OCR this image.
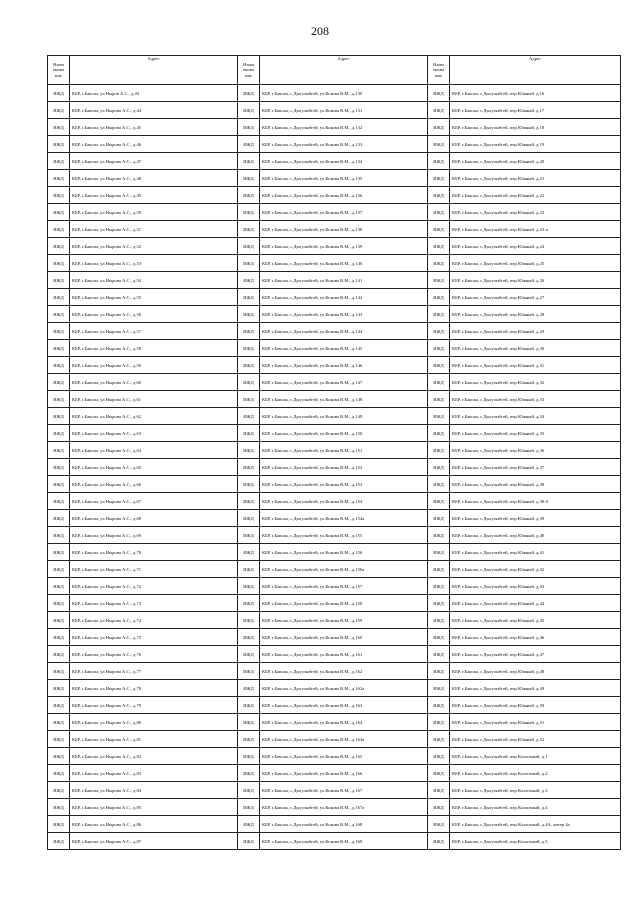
208
Наим енова ние	Адрес	Наим енова ние	Адрес	Наим енова ние	Адрес
ИЖД	КБР, г.Баксан, ул.Ныров А.С., д.43	ИЖД	КБР, г.Баксан, с.Дыгулыбгей, ул.Кокова В.М., д.130	ИЖД	КБР, г.Баксан, с.Дыгулыбгей, пер.Южный, д.16
ИЖД	КБР, г.Баксан, ул.Нырова А.С., д.44	ИЖД	КБР, г.Баксан, с.Дыгулыбгей, ул.Кокова В.М., д.131	ИЖД	КБР, г.Баксан, с.Дыгулыбгей, пер.Южный, д.17
ИЖД	КБР, г.Баксан, ул.Нырова А.С., д.45	ИЖД	КБР, г.Баксан, с.Дыгулыбгей, ул.Кокова В.М., д.132	ИЖД	КБР, г.Баксан, с.Дыгулыбгей, пер.Южный, д.18
ИЖД	КБР, г.Баксан, ул.Нырова А.С., д.46	ИЖД	КБР, г.Баксан, с.Дыгулыбгей, ул.Кокова В.М., д.133	ИЖД	КБР, г.Баксан, с.Дыгулыбгей, пер.Южный, д.19
ИЖД	КБР, г.Баксан, ул.Нырова А.С., д.47	ИЖД	КБР, г.Баксан, с.Дыгулыбгей, ул.Кокова В.М., д.134	ИЖД	КБР, г.Баксан, с.Дыгулыбгей, пер.Южный, д.20
ИЖД	КБР, г.Баксан, ул.Нырова А.С., д.48	ИЖД	КБР, г.Баксан, с.Дыгулыбгей, ул.Кокова В.М., д.135	ИЖД	КБР, г.Баксан, с.Дыгулыбгей, пер.Южный, д.21
ИЖД	КБР, г.Баксан, ул.Нырова А.С., д.49	ИЖД	КБР, г.Баксан, с.Дыгулыбгей, ул.Кокова В.М., д.136	ИЖД	КБР, г.Баксан, с.Дыгулыбгей, пер.Южный, д.22
ИЖД	КБР, г.Баксан, ул.Нырова А.С., д.50	ИЖД	КБР, г.Баксан, с.Дыгулыбгей, ул.Кокова В.М., д.137	ИЖД	КБР, г.Баксан, с.Дыгулыбгей, пер.Южный, д.23
ИЖД	КБР, г.Баксан, ул.Нырова А.С., д.51	ИЖД	КБР, г.Баксан, с.Дыгулыбгей, ул.Кокова В.М., д.138	ИЖД	КБР, г.Баксан, с.Дыгулыбгей, пер.Южный, д.23-а
ИЖД	КБР, г.Баксан, ул.Нырова А.С., д.52	ИЖД	КБР, г.Баксан, с.Дыгулыбгей, ул.Кокова В.М., д.139	ИЖД	КБР, г.Баксан, с.Дыгулыбгей, пер.Южный, д.24
ИЖД	КБР, г.Баксан, ул.Нырова А.С., д.53	ИЖД	КБР, г.Баксан, с.Дыгулыбгей, ул.Кокова В.М., д.140	ИЖД	КБР, г.Баксан, с.Дыгулыбгей, пер.Южный, д.25
ИЖД	КБР, г.Баксан, ул.Нырова А.С., д.54	ИЖД	КБР, г.Баксан, с.Дыгулыбгей, ул.Кокова В.М., д.141	ИЖД	КБР, г.Баксан, с.Дыгулыбгей, пер.Южный, д.26
ИЖД	КБР, г.Баксан, ул.Нырова А.С., д.55	ИЖД	КБР, г.Баксан, с.Дыгулыбгей, ул.Кокова В.М., д.142	ИЖД	КБР, г.Баксан, с.Дыгулыбгей, пер.Южный, д.27
ИЖД	КБР, г.Баксан, ул.Нырова А.С., д.56	ИЖД	КБР, г.Баксан, с.Дыгулыбгей, ул.Кокова В.М., д.143	ИЖД	КБР, г.Баксан, с.Дыгулыбгей, пер.Южный, д.28
ИЖД	КБР, г.Баксан, ул.Нырова А.С., д.57	ИЖД	КБР, г.Баксан, с.Дыгулыбгей, ул.Кокова В.М., д.144	ИЖД	КБР, г.Баксан, с.Дыгулыбгей, пер.Южный, д.29
ИЖД	КБР, г.Баксан, ул.Нырова А.С., д.58	ИЖД	КБР, г.Баксан, с.Дыгулыбгей, ул.Кокова В.М., д.145	ИЖД	КБР, г.Баксан, с.Дыгулыбгей, пер.Южный, д.30
ИЖД	КБР, г.Баксан, ул.Нырова А.С., д.59	ИЖД	КБР, г.Баксан, с.Дыгулыбгей, ул.Кокова В.М., д.146	ИЖД	КБР, г.Баксан, с.Дыгулыбгей, пер.Южный, д.31
ИЖД	КБР, г.Баксан, ул.Нырова А.С., д.60	ИЖД	КБР, г.Баксан, с.Дыгулыбгей, ул.Кокова В.М., д.147	ИЖД	КБР, г.Баксан, с.Дыгулыбгей, пер.Южный, д.32
ИЖД	КБР, г.Баксан, ул.Нырова А.С., д.61	ИЖД	КБР, г.Баксан, с.Дыгулыбгей, ул.Кокова В.М., д.148	ИЖД	КБР, г.Баксан, с.Дыгулыбгей, пер.Южный, д.33
ИЖД	КБР, г.Баксан, ул.Нырова А.С., д.62	ИЖД	КБР, г.Баксан, с.Дыгулыбгей, ул.Кокова В.М., д.149	ИЖД	КБР, г.Баксан, с.Дыгулыбгей, пер.Южный, д.34
ИЖД	КБР, г.Баксан, ул.Нырова А.С., д.63	ИЖД	КБР, г.Баксан, с.Дыгулыбгей, ул.Кокова В.М., д.150	ИЖД	КБР, г.Баксан, с.Дыгулыбгей, пер.Южный, д.35
ИЖД	КБР, г.Баксан, ул.Нырова А.С., д.64	ИЖД	КБР, г.Баксан, с.Дыгулыбгей, ул.Кокова В.М., д.151	ИЖД	КБР, г.Баксан, с.Дыгулыбгей, пер.Южный, д.36
ИЖД	КБР, г.Баксан, ул.Нырова А.С., д.65	ИЖД	КБР, г.Баксан, с.Дыгулыбгей, ул.Кокова В.М., д.152	ИЖД	КБР, г.Баксан, с.Дыгулыбгей, пер.Южный, д.37
ИЖД	КБР, г.Баксан, ул.Нырова А.С., д.66	ИЖД	КБР, г.Баксан, с.Дыгулыбгей, ул.Кокова В.М., д.153	ИЖД	КБР, г.Баксан, с.Дыгулыбгей, пер.Южный, д.38
ИЖД	КБР, г.Баксан, ул.Нырова А.С., д.67	ИЖД	КБР, г.Баксан, с.Дыгулыбгей, ул.Кокова В.М., д.154	ИЖД	КБР, г.Баксан, с.Дыгулыбгей, пер.Южный, д.38-б
ИЖД	КБР, г.Баксан, ул.Нырова А.С., д.68	ИЖД	КБР, г.Баксан, с.Дыгулыбгей, ул.Кокова В.М., д.154а	ИЖД	КБР, г.Баксан, с.Дыгулыбгей, пер.Южный, д.39
ИЖД	КБР, г.Баксан, ул.Нырова А.С., д.69	ИЖД	КБР, г.Баксан, с.Дыгулыбгей, ул.Кокова В.М., д.155	ИЖД	КБР, г.Баксан, с.Дыгулыбгей, пер.Южный, д.40
ИЖД	КБР, г.Баксан, ул.Нырова А.С., д.70	ИЖД	КБР, г.Баксан, с.Дыгулыбгей, ул.Кокова В.М., д.156	ИЖД	КБР, г.Баксан, с.Дыгулыбгей, пер.Южный, д.41
ИЖД	КБР, г.Баксан, ул.Нырова А.С., д.71	ИЖД	КБР, г.Баксан, с.Дыгулыбгей, ул.Кокова В.М., д.156а	ИЖД	КБР, г.Баксан, с.Дыгулыбгей, пер.Южный, д.42
ИЖД	КБР, г.Баксан, ул.Нырова А.С., д.72	ИЖД	КБР, г.Баксан, с.Дыгулыбгей, ул.Кокова В.М., д.157	ИЖД	КБР, г.Баксан, с.Дыгулыбгей, пер.Южный, д.43
ИЖД	КБР, г.Баксан, ул.Нырова А.С., д.73	ИЖД	КБР, г.Баксан, с.Дыгулыбгей, ул.Кокова В.М., д.158	ИЖД	КБР, г.Баксан, с.Дыгулыбгей, пер.Южный, д.44
ИЖД	КБР, г.Баксан, ул.Нырова А.С., д.74	ИЖД	КБР, г.Баксан, с.Дыгулыбгей, ул.Кокова В.М., д.159	ИЖД	КБР, г.Баксан, с.Дыгулыбгей, пер.Южный, д.45
ИЖД	КБР, г.Баксан, ул.Нырова А.С., д.75	ИЖД	КБР, г.Баксан, с.Дыгулыбгей, ул.Кокова В.М., д.160	ИЖД	КБР, г.Баксан, с.Дыгулыбгей, пер.Южный, д.46
ИЖД	КБР, г.Баксан, ул.Нырова А.С., д.76	ИЖД	КБР, г.Баксан, с.Дыгулыбгей, ул.Кокова В.М., д.161	ИЖД	КБР, г.Баксан, с.Дыгулыбгей, пер.Южный, д.47
ИЖД	КБР, г.Баксан, ул.Нырова А.С., д.77	ИЖД	КБР, г.Баксан, с.Дыгулыбгей, ул.Кокова В.М., д.162	ИЖД	КБР, г.Баксан, с.Дыгулыбгей, пер.Южный, д.48
ИЖД	КБР, г.Баксан, ул.Нырова А.С., д.78	ИЖД	КБР, г.Баксан, с.Дыгулыбгей, ул.Кокова В.М., д.162а	ИЖД	КБР, г.Баксан, с.Дыгулыбгей, пер.Южный, д.49
ИЖД	КБР, г.Баксан, ул.Нырова А.С., д.79	ИЖД	КБР, г.Баксан, с.Дыгулыбгей, ул.Кокова В.М., д.163	ИЖД	КБР, г.Баксан, с.Дыгулыбгей, пер.Южный, д.50
ИЖД	КБР, г.Баксан, ул.Нырова А.С., д.80	ИЖД	КБР, г.Баксан, с.Дыгулыбгей, ул.Кокова В.М., д.164	ИЖД	КБР, г.Баксан, с.Дыгулыбгей, пер.Южный, д.51
ИЖД	КБР, г.Баксан, ул.Нырова А.С., д.81	ИЖД	КБР, г.Баксан, с.Дыгулыбгей, ул.Кокова В.М., д.164а	ИЖД	КБР, г.Баксан, с.Дыгулыбгей, пер.Южный, д.52
ИЖД	КБР, г.Баксан, ул.Нырова А.С., д.82	ИЖД	КБР, г.Баксан, с.Дыгулыбгей, ул.Кокова В.М., д.165	ИЖД	КБР, г.Баксан, с.Дыгулыбгей, пер.Колхозный, д.1
ИЖД	КБР, г.Баксан, ул.Нырова А.С., д.83	ИЖД	КБР, г.Баксан, с.Дыгулыбгей, ул.Кокова В.М., д.166	ИЖД	КБР, г.Баксан, с.Дыгулыбгей, пер.Колхозный, д.2
ИЖД	КБР, г.Баксан, ул.Нырова А.С., д.84	ИЖД	КБР, г.Баксан, с.Дыгулыбгей, ул.Кокова В.М., д.167	ИЖД	КБР, г.Баксан, с.Дыгулыбгей, пер.Колхозный, д.3
ИЖД	КБР, г.Баксан, ул.Нырова А.С., д.85	ИЖД	КБР, г.Баксан, с.Дыгулыбгей, ул.Кокова В.М., д.167а	ИЖД	КБР, г.Баксан, с.Дыгулыбгей, пер.Колхозный, д.4
ИЖД	КБР, г.Баксан, ул.Нырова А.С., д.86	ИЖД	КБР, г.Баксан, с.Дыгулыбгей, ул.Кокова В.М., д.168	ИЖД	КБР, г.Баксан, с.Дыгулыбгей, пер.Колхозный, д.4А, литер 4а
ИЖД	КБР, г.Баксан, ул.Нырова А.С., д.87	ИЖД	КБР, г.Баксан, с.Дыгулыбгей, ул.Кокова В.М., д.169	ИЖД	КБР, г.Баксан, с.Дыгулыбгей, пер.Колхозный, д.5
